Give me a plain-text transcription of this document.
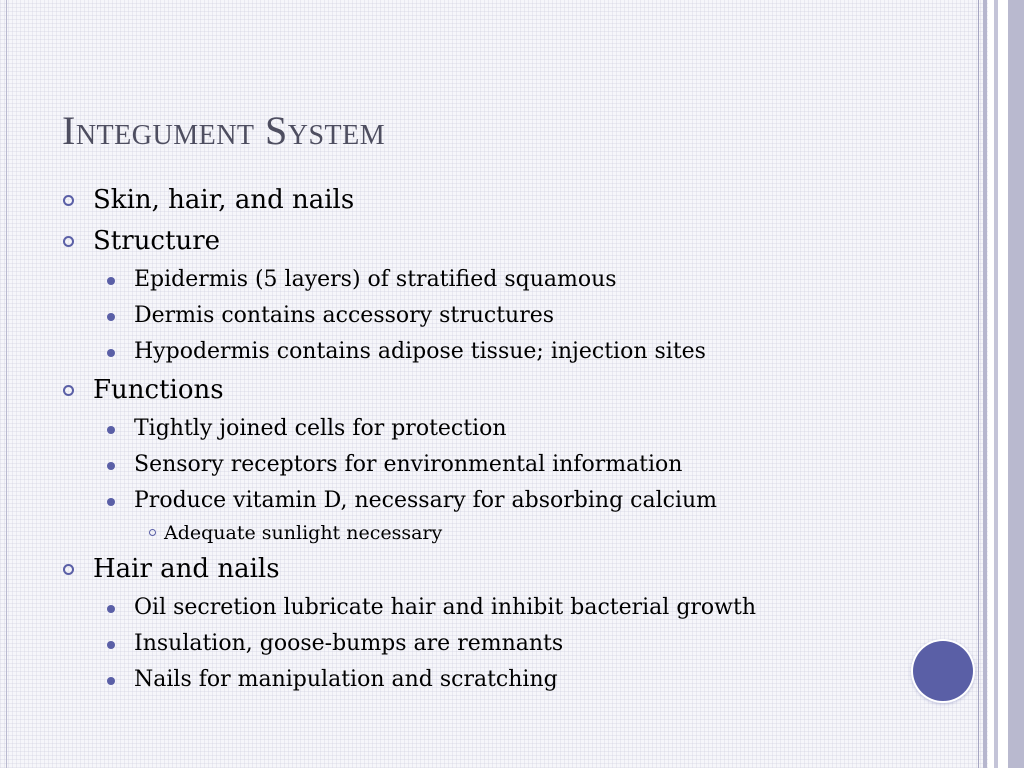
Integument System
Skin, hair, and nails
Structure
Epidermis (5 layers) of stratified squamous
Dermis contains accessory structures
Hypodermis contains adipose tissue; injection sites
Functions
Tightly joined cells for protection
Sensory receptors for environmental information
Produce vitamin D, necessary for absorbing calcium
Adequate sunlight necessary
Hair and nails
Oil secretion lubricate hair and inhibit bacterial growth
Insulation, goose-bumps are remnants
Nails for manipulation and scratching
